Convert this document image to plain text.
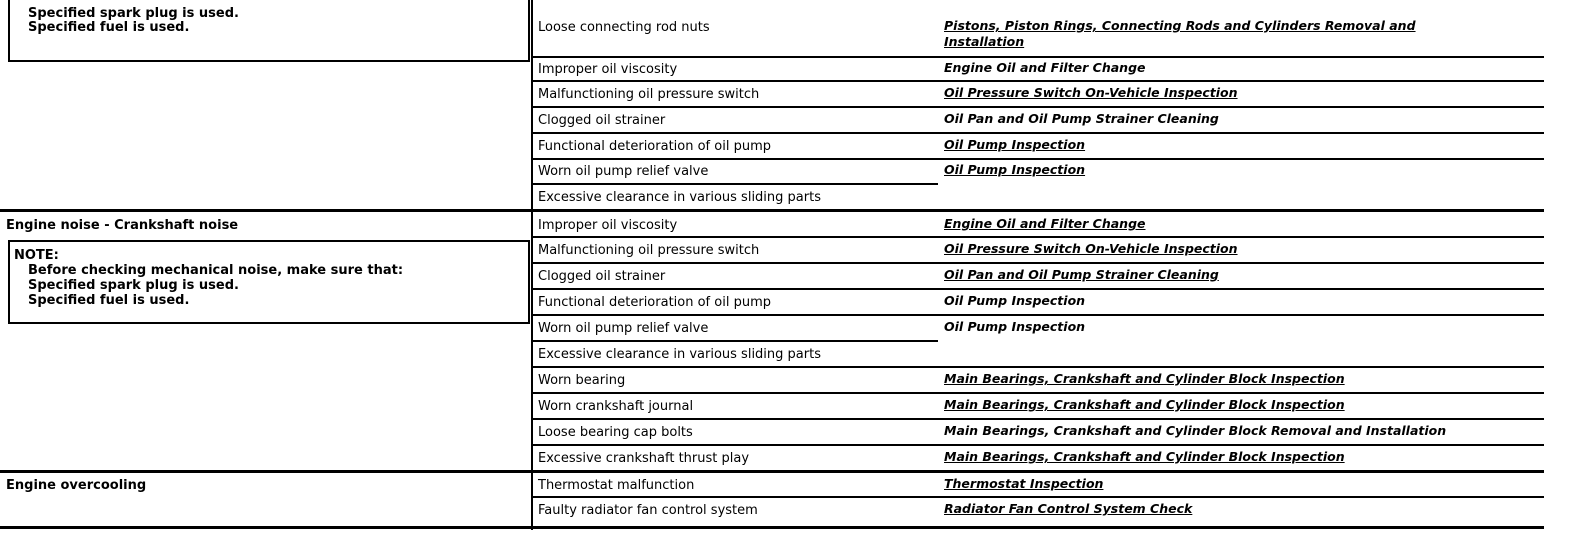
Specified spark plug is used.
Specified fuel is used.	Loose connecting rod nuts	Pistons, Piston Rings, Connecting Rods and Cylinders Removal and
Installation
Improper oil viscosity	Engine Oil and Filter Change
Malfunctioning oil pressure switch	Oil Pressure Switch On-Vehicle Inspection
Clogged oil strainer	Oil Pan and Oil Pump Strainer Cleaning
Functional deterioration of oil pump	Oil Pump Inspection
Worn oil pump relief valve	Oil Pump Inspection
Excessive clearance in various sliding parts
Engine noise - Crankshaft noise
NOTE:
Before checking mechanical noise, make sure that:
Specified spark plug is used.
Specified fuel is used.
Improper oil viscosity	Engine Oil and Filter Change
Malfunctioning oil pressure switch	Oil Pressure Switch On-Vehicle Inspection
Clogged oil strainer	Oil Pan and Oil Pump Strainer Cleaning
Functional deterioration of oil pump	Oil Pump Inspection
Worn oil pump relief valve	Oil Pump Inspection
Excessive clearance in various sliding parts
Worn bearing	Main Bearings, Crankshaft and Cylinder Block Inspection
Worn crankshaft journal	Main Bearings, Crankshaft and Cylinder Block Inspection
Loose bearing cap bolts	Main Bearings, Crankshaft and Cylinder Block Removal and Installation
Excessive crankshaft thrust play	Main Bearings, Crankshaft and Cylinder Block Inspection
Engine overcooling	Thermostat malfunction	Thermostat Inspection
Faulty radiator fan control system	Radiator Fan Control System Check
